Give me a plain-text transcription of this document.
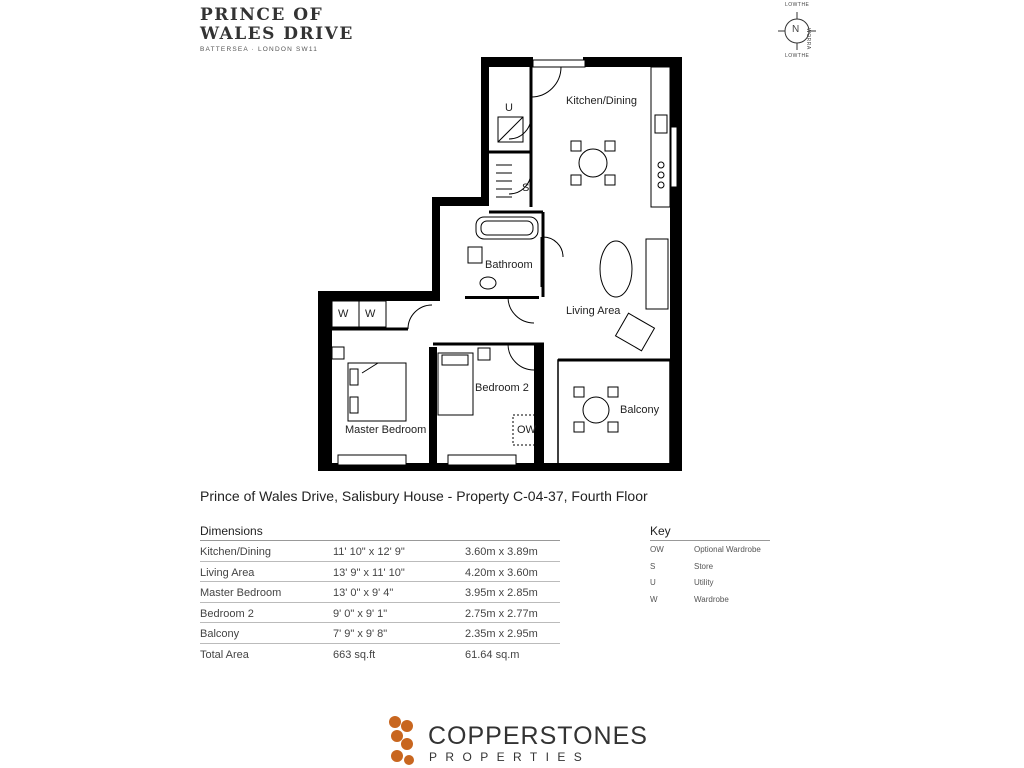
PRINCE OF
WALES DRIVE
BATTERSEA · LONDON SW11
N
LOWTHE
WORRA
LOWTHE
Kitchen/Dining
U
S
Bathroom
Living Area
W W
Master Bedroom
Bedroom 2
OW
Balcony
Prince of Wales Drive, Salisbury House - Property C-04-37, Fourth Floor
Dimensions
Kitchen/Dining	11' 10" x 12' 9"	3.60m x 3.89m
Living Area	13' 9" x 11' 10"	4.20m x 3.60m
Master Bedroom	13' 0" x 9' 4"	3.95m x 2.85m
Bedroom 2	9' 0" x 9' 1"	2.75m x 2.77m
Balcony	7' 9" x 9' 8"	2.35m x 2.95m
Total Area	663 sq.ft	61.64 sq.m
Key
OW	Optional Wardrobe
S	Store
U	Utility
W	Wardrobe
COPPERSTONES
PROPERTIES
